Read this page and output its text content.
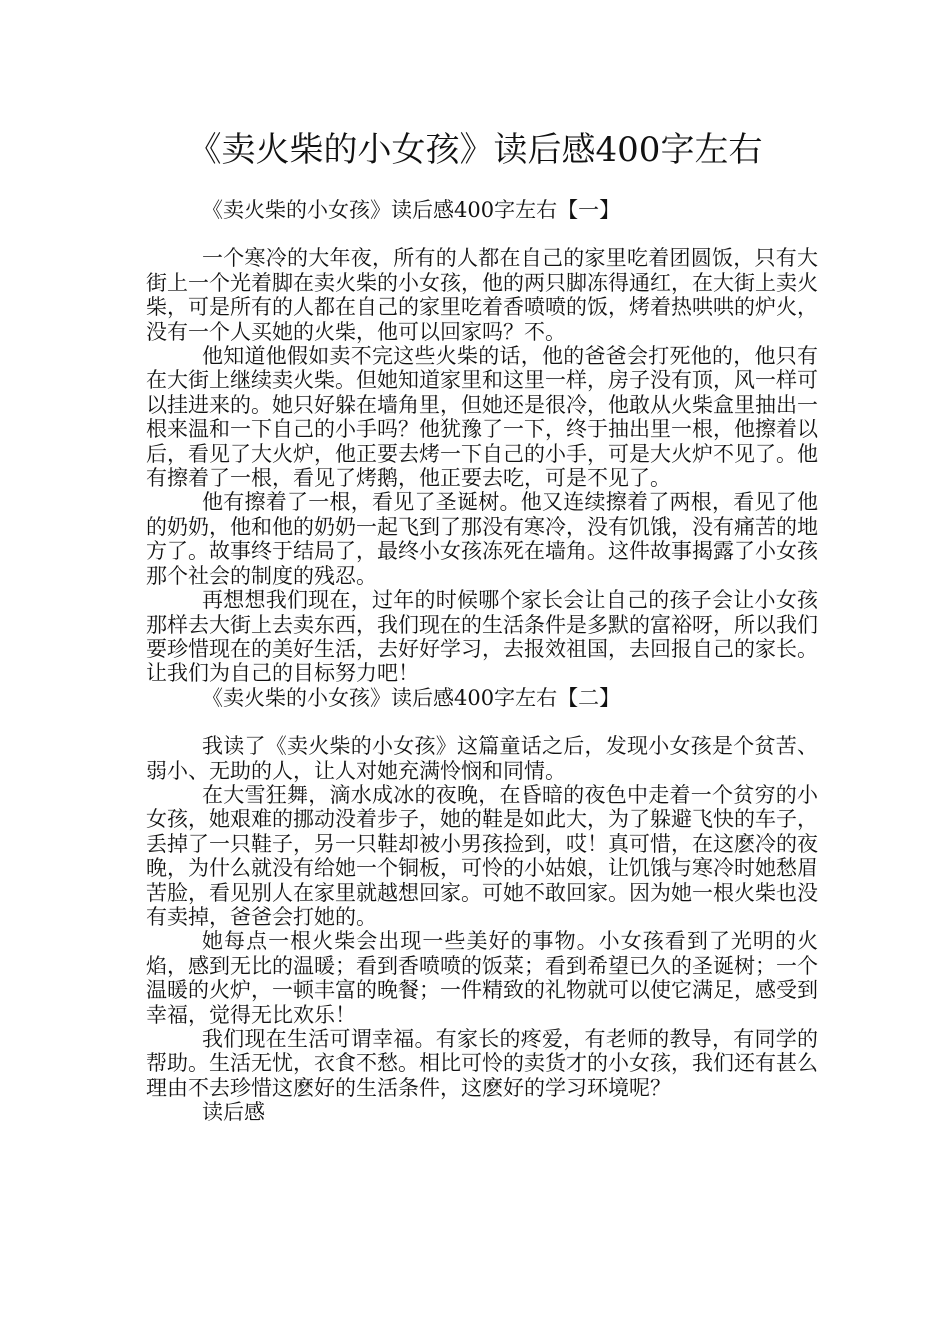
《卖火柴的小女孩》读后感400字左右

《卖火柴的小女孩》读后感400字左右【一】

一个寒冷的大年夜，所有的人都在自己的家里吃着团圆饭，只有大街上一个光着脚在卖火柴的小女孩，他的两只脚冻得通红，在大街上卖火柴，可是所有的人都在自己的家里吃着香喷喷的饭，烤着热哄哄的炉火，没有一个人买她的火柴，他可以回家吗？不。

他知道他假如卖不完这些火柴的话，他的爸爸会打死他的，他只有在大街上继续卖火柴。但她知道家里和这里一样，房子没有顶，风一样可以挂进来的。她只好躲在墙角里，但她还是很冷，他敢从火柴盒里抽出一根来温和一下自己的小手吗？他犹豫了一下，终于抽出里一根，他擦着以后，看见了大火炉，他正要去烤一下自己的小手，可是大火炉不见了。他有擦着了一根，看见了烤鹅，他正要去吃，可是不见了。

他有擦着了一根，看见了圣诞树。他又连续擦着了两根，看见了他的奶奶，他和他的奶奶一起飞到了那没有寒冷，没有饥饿，没有痛苦的地方了。故事终于结局了，最终小女孩冻死在墙角。这件故事揭露了小女孩那个社会的制度的残忍。

再想想我们现在，过年的时候哪个家长会让自己的孩子会让小女孩那样去大街上去卖东西，我们现在的生活条件是多默的富裕呀，所以我们要珍惜现在的美好生活，去好好学习，去报效祖国，去回报自己的家长。让我们为自己的目标努力吧！

《卖火柴的小女孩》读后感400字左右【二】

我读了《卖火柴的小女孩》这篇童话之后，发现小女孩是个贫苦、弱小、无助的人，让人对她充满怜悯和同情。

在大雪狂舞，滴水成冰的夜晚，在昏暗的夜色中走着一个贫穷的小女孩，她艰难的挪动没着步子，她的鞋是如此大，为了躲避飞快的车子，丢掉了一只鞋子，另一只鞋却被小男孩捡到，哎！真可惜，在这麽冷的夜晚，为什么就没有给她一个铜板，可怜的小姑娘，让饥饿与寒冷时她愁眉苦脸，看见别人在家里就越想回家。可她不敢回家。因为她一根火柴也没有卖掉，爸爸会打她的。

她每点一根火柴会出现一些美好的事物。小女孩看到了光明的火焰，感到无比的温暖；看到香喷喷的饭菜；看到希望已久的圣诞树；一个温暖的火炉，一顿丰富的晚餐；一件精致的礼物就可以使它满足，感受到幸福，觉得无比欢乐！

我们现在生活可谓幸福。有家长的疼爱，有老师的教导，有同学的帮助。生活无忧，衣食不愁。相比可怜的卖货才的小女孩，我们还有甚么理由不去珍惜这麽好的生活条件，这麽好的学习环境呢？

读后感
